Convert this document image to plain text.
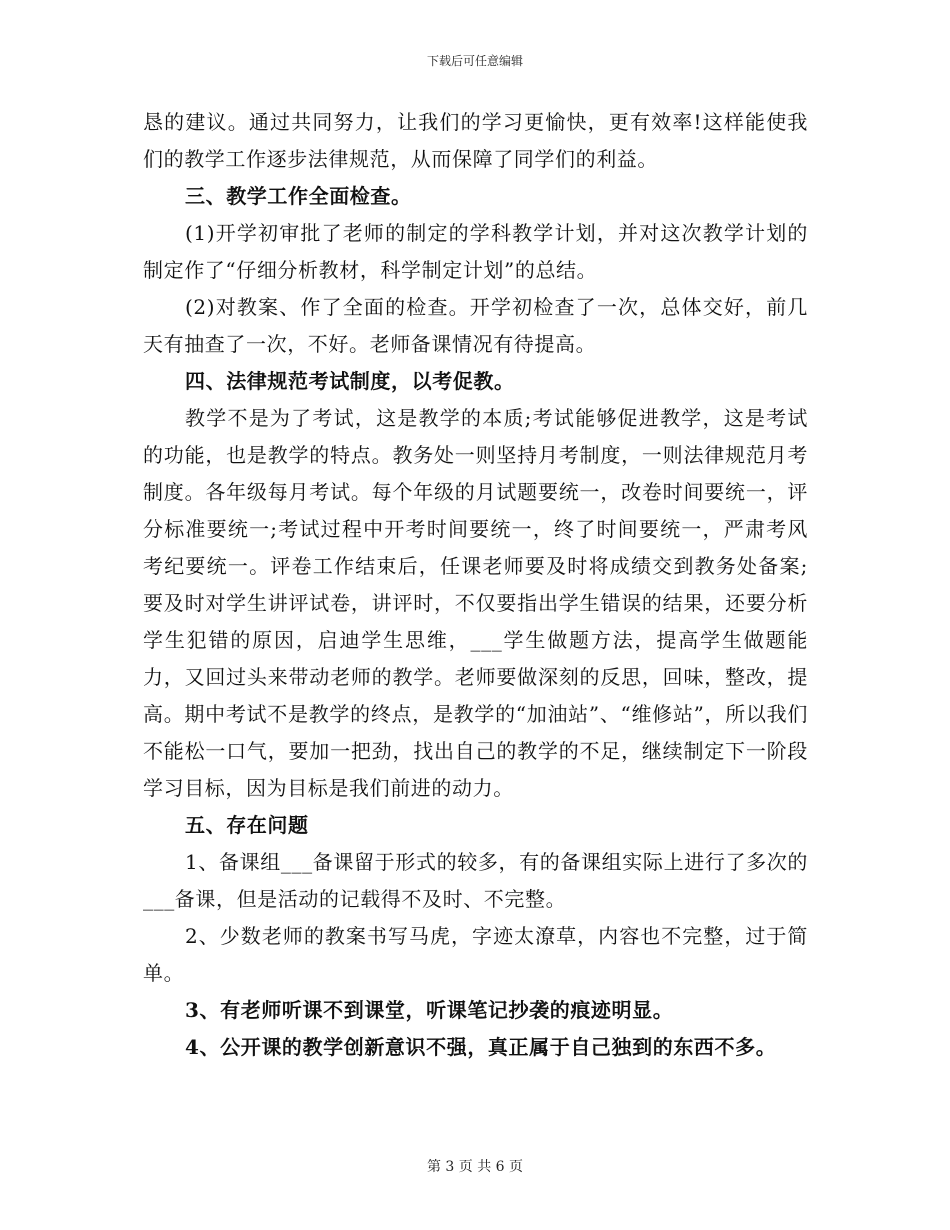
下载后可任意编辑

恳的建议。通过共同努力，让我们的学习更愉快，更有效率!这样能使我们的教学工作逐步法律规范，从而保障了同学们的利益。

三、教学工作全面检查。

(1)开学初审批了老师的制定的学科教学计划，并对这次教学计划的制定作了“仔细分析教材，科学制定计划”的总结。

(2)对教案、作了全面的检查。开学初检查了一次，总体交好，前几天有抽查了一次，不好。老师备课情况有待提高。

四、法律规范考试制度，以考促教。

教学不是为了考试，这是教学的本质;考试能够促进教学，这是考试的功能，也是教学的特点。教务处一则坚持月考制度，一则法律规范月考制度。各年级每月考试。每个年级的月试题要统一，改卷时间要统一，评分标准要统一;考试过程中开考时间要统一，终了时间要统一，严肃考风考纪要统一。评卷工作结束后，任课老师要及时将成绩交到教务处备案;要及时对学生讲评试卷，讲评时，不仅要指出学生错误的结果，还要分析学生犯错的原因，启迪学生思维，___学生做题方法，提高学生做题能力，又回过头来带动老师的教学。老师要做深刻的反思，回味，整改，提高。期中考试不是教学的终点，是教学的“加油站”、“维修站”，所以我们不能松一口气，要加一把劲，找出自己的教学的不足，继续制定下一阶段学习目标，因为目标是我们前进的动力。

五、存在问题

1、备课组___备课留于形式的较多，有的备课组实际上进行了多次的___备课，但是活动的记载得不及时、不完整。

2、少数老师的教案书写马虎，字迹太潦草，内容也不完整，过于简单。

3、有老师听课不到课堂，听课笔记抄袭的痕迹明显。

4、公开课的教学创新意识不强，真正属于自己独到的东西不多。

第 3 页 共 6 页
